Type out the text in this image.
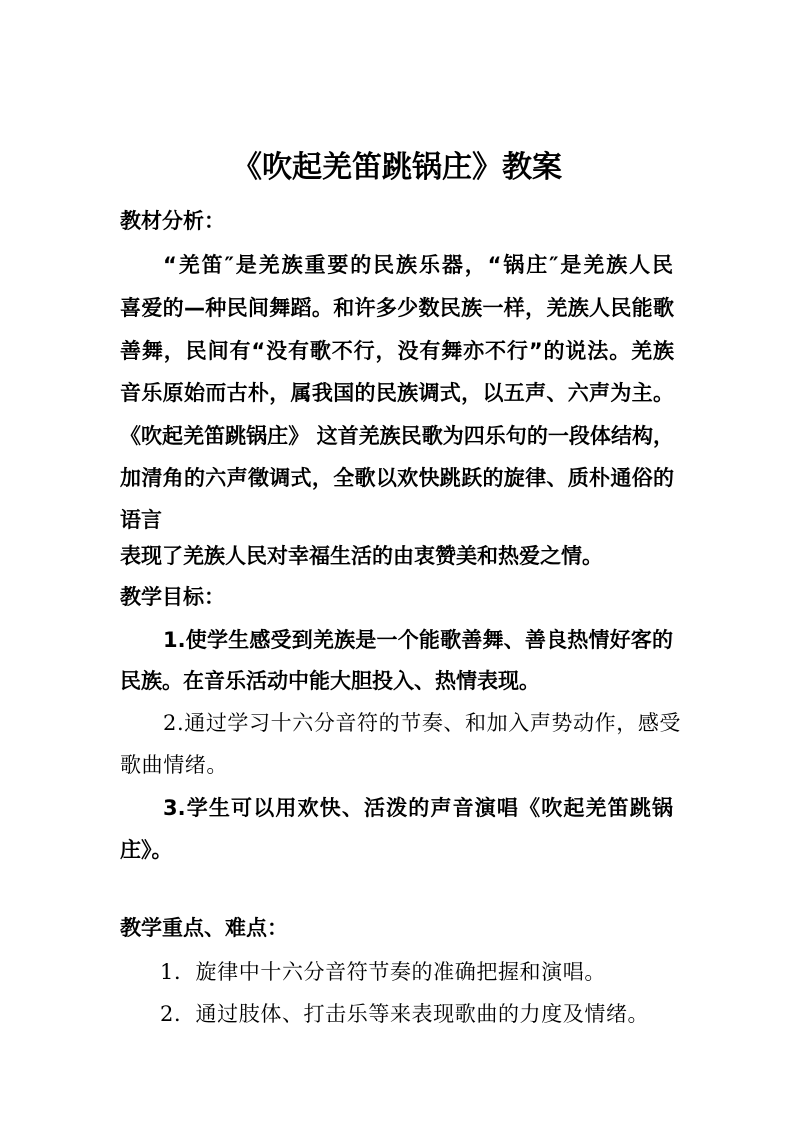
《吹起羌笛跳锅庄》教案
教材分析：
“羌笛″是羌族重要的民族乐器，“锅庄″是羌族人民
喜爱的—种民间舞蹈。和许多少数民族一样，羌族人民能歌
善舞，民间有“没有歌不行，没有舞亦不行”的说法。羌族
音乐原始而古朴，属我国的民族调式，以五声、六声为主。
《吹起羌笛跳锅庄》 这首羌族民歌为四乐句的一段体结构，
加清角的六声徵调式，全歌以欢快跳跃的旋律、质朴通俗的
语言
表现了羌族人民对幸福生活的由衷赞美和热爱之情。
教学目标：
1.使学生感受到羌族是一个能歌善舞、善良热情好客的
民族。在音乐活动中能大胆投入、热情表现。
2.通过学习十六分音符的节奏、和加入声势动作，感受
歌曲情绪。
3.学生可以用欢快、活泼的声音演唱《吹起羌笛跳锅
庄》。
教学重点、难点：
1．旋律中十六分音符节奏的准确把握和演唱。
2．通过肢体、打击乐等来表现歌曲的力度及情绪。
